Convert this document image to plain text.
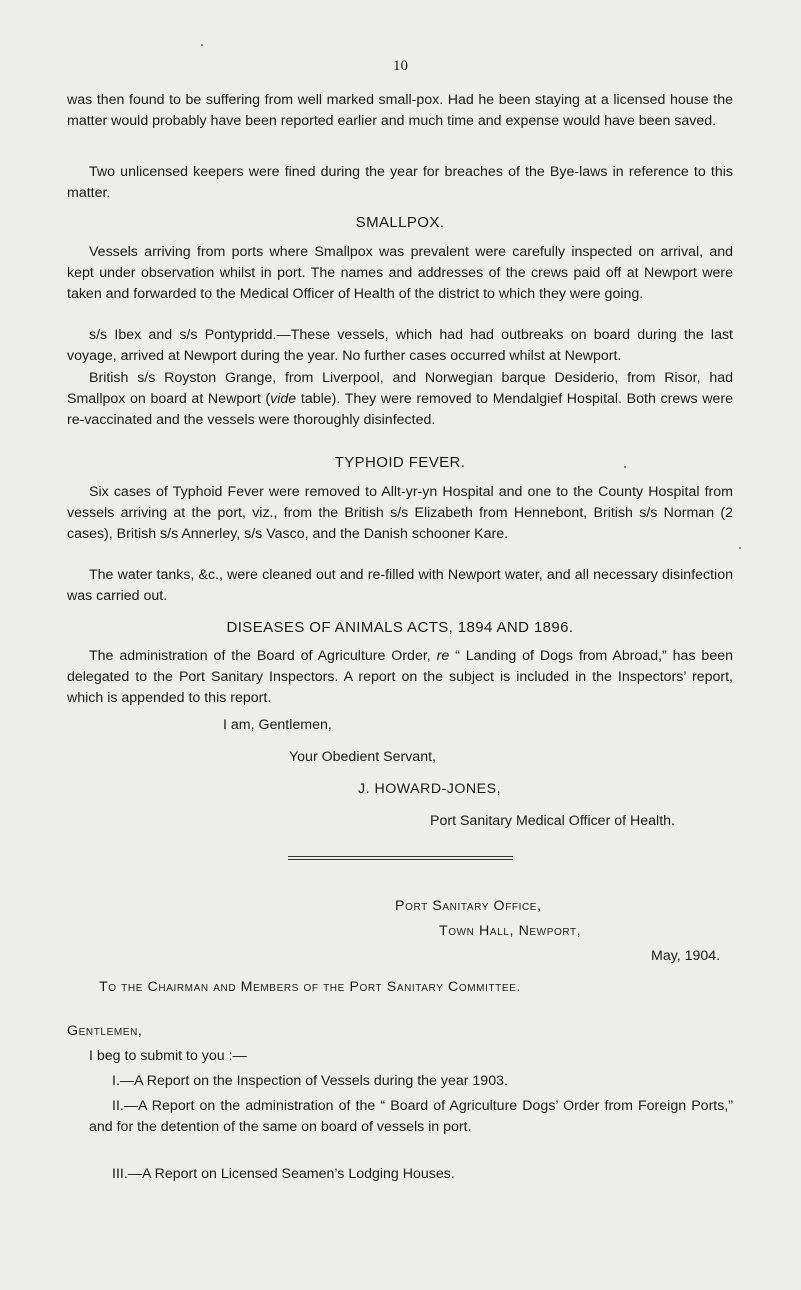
10

was then found to be suffering from well marked small-pox. Had he been staying at a licensed house the matter would probably have been reported earlier and much time and expense would have been saved.

Two unlicensed keepers were fined during the year for breaches of the Bye-laws in reference to this matter.

SMALLPOX.

Vessels arriving from ports where Smallpox was prevalent were carefully inspected on arrival, and kept under observation whilst in port. The names and addresses of the crews paid off at Newport were taken and forwarded to the Medical Officer of Health of the district to which they were going.

s/s Ibex and s/s Pontypridd.—These vessels, which had had outbreaks on board during the last voyage, arrived at Newport during the year. No further cases occurred whilst at Newport.

British s/s Royston Grange, from Liverpool, and Norwegian barque Desiderio, from Risor, had Smallpox on board at Newport (vide table). They were removed to Mendalgief Hospital. Both crews were re-vaccinated and the vessels were thoroughly disinfected.

TYPHOID FEVER.

Six cases of Typhoid Fever were removed to Allt-yr-yn Hospital and one to the County Hospital from vessels arriving at the port, viz., from the British s/s Elizabeth from Hennebont, British s/s Norman (2 cases), British s/s Annerley, s/s Vasco, and the Danish schooner Kare.

The water tanks, &c., were cleaned out and re-filled with Newport water, and all necessary disinfection was carried out.

DISEASES OF ANIMALS ACTS, 1894 AND 1896.

The administration of the Board of Agriculture Order, re “ Landing of Dogs from Abroad,” has been delegated to the Port Sanitary Inspectors. A report on the subject is included in the Inspectors’ report, which is appended to this report.

I am, Gentlemen,

Your Obedient Servant,

J. HOWARD-JONES,

Port Sanitary Medical Officer of Health.

Port Sanitary Office,

Town Hall, Newport,

May, 1904.

To the Chairman and Members of the Port Sanitary Committee.

Gentlemen,

I beg to submit to you :—

I.—A Report on the Inspection of Vessels during the year 1903.

II.—A Report on the administration of the “ Board of Agriculture Dogs’ Order from Foreign Ports,” and for the detention of the same on board of vessels in port.

III.—A Report on Licensed Seamen’s Lodging Houses.
